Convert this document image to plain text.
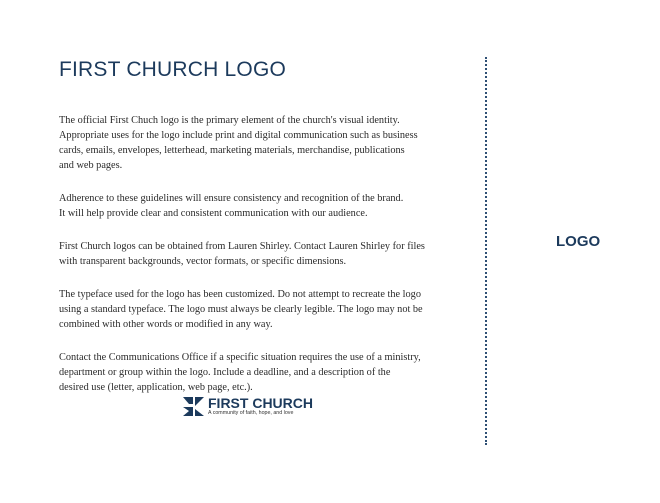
FIRST CHURCH LOGO

The official First Chuch logo is the primary element of the church's visual identity.
Appropriate uses for the logo include print and digital communication such as business
cards, emails, envelopes, letterhead, marketing materials, merchandise, publications
and web pages.

Adherence to these guidelines will ensure consistency and recognition of the brand.
It will help provide clear and consistent communication with our audience.

First Church logos can be obtained from Lauren Shirley. Contact Lauren Shirley for files
with transparent backgrounds, vector formats, or specific dimensions.

The typeface used for the logo has been customized. Do not attempt to recreate the logo
using a standard typeface. The logo must always be clearly legible. The logo may not be
combined with other words or modified in any way.

Contact the Communications Office if a specific situation requires the use of a ministry,
department or group within the logo. Include a deadline, and a description of the
desired use (letter, application, web page, etc.).

FIRST CHURCH
A community of faith, hope, and love
LOGO
